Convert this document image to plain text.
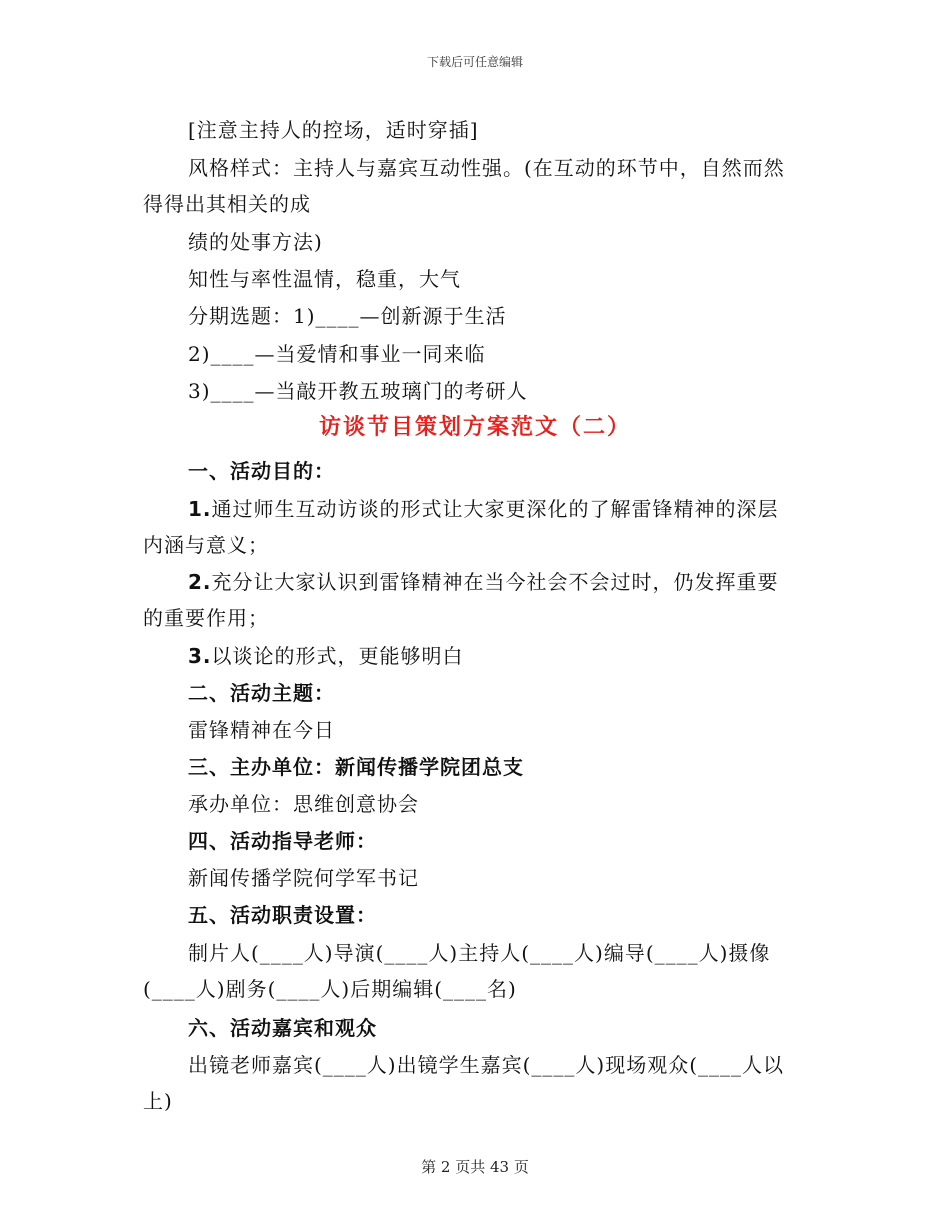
下载后可任意编辑
[注意主持人的控场，适时穿插]
风格样式：主持人与嘉宾互动性强。(在互动的环节中，自然而然
得得出其相关的成
绩的处事方法)
知性与率性温情，稳重，大气
分期选题：1)____—创新源于生活
2)____—当爱情和事业一同来临
3)____—当敲开教五玻璃门的考研人
访谈节目策划方案范文（二）
一、活动目的：
1.通过师生互动访谈的形式让大家更深化的了解雷锋精神的深层
内涵与意义；
2.充分让大家认识到雷锋精神在当今社会不会过时，仍发挥重要
的重要作用；
3.以谈论的形式，更能够明白
二、活动主题：
雷锋精神在今日
三、主办单位：新闻传播学院团总支
承办单位：思维创意协会
四、活动指导老师：
新闻传播学院何学军书记
五、活动职责设置：
制片人(____人)导演(____人)主持人(____人)编导(____人)摄像
(____人)剧务(____人)后期编辑(____名)
六、活动嘉宾和观众
出镜老师嘉宾(____人)出镜学生嘉宾(____人)现场观众(____人以
上)
第 2 页共 43 页
